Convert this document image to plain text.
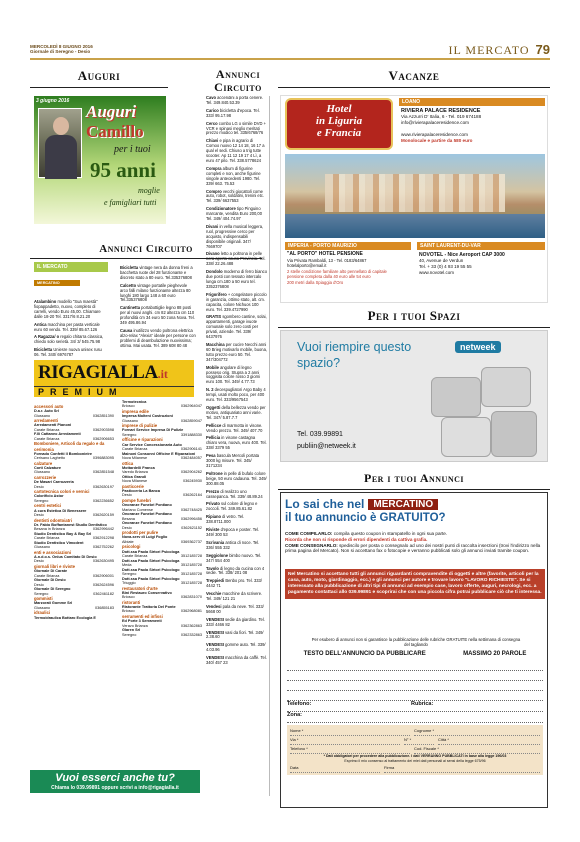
MERCOLEDÌ 8 GIUGNO 2016
Giornale di Seregno - Desio	IL MERCATO 79
Auguri
3 giugno 2016
Auguri
Camillo
per i tuoi
95 anni
moglie
e famigliari tutti
Annunci Circuito
IL MERCATO
MERCATINO
Atalambino modello "Sua maestà" fiopappadetto, nuovo, completo di carrelli, vendo Euro 45,00. Chiamare dalle 18-20 Tel. 3317/6 8.21.20
Antica macchina per pasta verticale euro 60 vendo. Tel. 339/ 85.67.126
A Ragazza/ o regalo chitarra classica, chiedo solo serietà. 34/ 3/ 545.75.98
Bicicletta Uniesre nuova unisex rusu 06. Tel. 340/ 6976787
Bicicletta vintage nera da donna freni a bacchetta ruote del 28 funzionante e discreto stato a 80 euro. Tel.335376808
Calcetto vintage portatile pieghevole arco falli milano funzionante altezza 80 lunghi 180 largo 148 a 60 euro Tel.335376808
Cantinetta portabottiglie legno 88 posti per al nuovi anghi. cm 82 altezza cm 110 profondità cm 34 euro 50 zona Nova. Tel. 349 495.86.94
Causa inutilizzo vendo poltrona elettrica alzo-relax "Alexia" ideale per persone con problemi di deambulazione nuovissima; ottima. Mai usata. Tel. 389 608 80 48
RIGAGIALLA .it
PREMIUM
accessori auto
D.a.r. Auto Srl
Giussano	0362851390
arredamenti
Arredamenti Pianoni
Carate Brianza	0362903598
F.lli Cattaneo Arredamenti
Carate Brianza	0362906653
Bomboniere, Articoli da regalo e da cerimonia
Fornado Confetti Il Bombonieire
Cerisano Laghetto	0396883095
calzature
Corti Calzature
Giussano	0362851548
carrozzerie
De Masari Carrozzeria
Desio	0362630197
cartotecnica colori e vernici
Colorificio Astor
Seregno	0362236652
centri estetici
A cura Estetica Di Benessere
Desio	0362620159
dentisti odontoiatri
Dr. Fabio Boffantanest Studio Dentistico
Besana in Brianza	0362996442
Studio Dentistico Bay & Bay Srl
Carate Brianza	0362912298
Studio Dentistico Vimodent
Giussano	0362752262
enti e associazioni
A.n.d.o.s. Onlus Comitato Di Desio
Desio	0362630495
giornali libri e riviste
Giornale Di Carate
Carate Brianza	0362906001
Giornale Di Desio
Desio	0362624596
Giornale Di Seregno
Seregno	0362461182
gommisti
Marzorati Gomme Srl
Giussano	036855183
idraulici
Termoidraulica Bottaro Ecologia E
Termotecnica
Briosco	0362964047
impresa edile
Impresa Molteni Costruzioni
Giussano	0362859047
imprese di pulizie
Fornari Service Impresa Di Pulizie
Seregno	3391888330
officine e riparazioni
Car Service Concessionaria Auto
Carate Brianza	0362906141
Mainoni Consonni Officine E Riparazioni
Nova Milanese	0362484057
ottica
Mottardelli Franca
Varedo Brianza	0362904262
Ottica Grandi
Nova Milanese	036245930
pasticcerie
Pasticceria La Banca
Desio	036262164
pompe funebri
Onoranze Funebri Pontiano
Mariano Comense	0362748425
Onoranze Funebri Pontiano
Besana	0362996456
Onoranze Funebri Pontiano
Desio	0362621152
prodotti per pulire
Nova-serv di Luigi Foglio
Albiate	0369362737
psicologi
Dott.ssa Paola Sirtori Psicologa
Carate Brianza	3512185728
Dott.ssa Paola Sirtori Psicologa
Meda	3512185728
Dott.ssa Paola Sirtori Psicologo
Seregno	3512185728
Dott.ssa Paola Sirtori Psicologo
Triuggio	3512185728
restauratori d'arte
Bini Restauro Conservativo
Briosco	0362831070
ristoranti
Ristorante Trattoria Del Ponte
Briosco	0362968081
serramenti ed infissi
Ed Porte 3 Serramenti
Veravo Brianza	0362362863
Glaren Srl
Seregno	0362332863
Vuoi esserci anche tu?
Chiama lo 039.99891 oppure scrivi a info@rigagialla.it
Annunci Circuito
Cavo accendini a porta cenere. Tel. 349.840.53.39
Carico bicicletta d'epoca. Tel. 333/ 95.17.98
Cerco combo LG o simile DVD + VCR e spinasi meglio meritati prezzo modico tel. 335/6768/76
Chiavi e pipa in agrario di Comoo nuovo 12 14 18, 16 17 a qual el sedi. Chiuso a trig tutte scooter. Ap 11 12 19 17 4 Lì, a euro 47 pilo. Tel. 338.5778624
Compra album di figurine completi e non, anche figurine singole antecedenti 1980. Tel. 339/ 663. 75.53
Compro vecchi giocattoli come auto, robot, soldatini, trenini etc. Tel. 339/ 6637553
Condizionatore tipo Pinguino marcante, vendita Euro 200,00 Tel. 349/ 404.74.97
Divani in vella musical leggera, ruol, progressive cerco per acquisto, indispensabili disponibile originali. 347/ 7669707
Divano letto a poltrona in pelle nera aperta causa Provincia. Tel. 338/ 22.26.488
Dondolo moderno di ferro bianco due posti con tessuto intercalo lunga cm.180 a 50 euro tel. 3352376808
Frigorifero + congelatore piccolo in garanzia, ottimo stato, alt. cm. capacita, colore Nichuos 100 euro. Tel. 339.4727990
GRATIS sgombero cantine, solai, appartamenti, garage ivuote comunale solo zero costi per privati, aziende. Tel. 339/ 6437976
Macchina per cucire Necchi anni 60 Brieg motivarlo mobile, buona, tutto prezzo euro 50. Tel. 347/304772
Mobile angolare di legno posseso orig. Stupra a 2 anni soggisita colore rosso 3 giorni euro 100. Tel. 349/ 4.77.73
N. 2 decespugliatori Argo Baby 4 tempi, usati molto poco, per 400 euro. Tel. 333/9567543
Oggetti della bellezza vendo per motivo, antiquariato anni varie. Tel. 347/ 5.87.7.7
Pellicce di marmotta in visone. Vendo prezzo. Tel. 349/ 407.70
Pellicia in visone castagna chiaro vera, nuova, euro 400. Tel. 338/ 3379 55
Pesa bascula Mercoli portata 3000 kg misure. Tel. 345/ 3171234
Poltrone in pelle di bufalo colore beige, 50 euro cadauna. Tel. 349/ 300.88.05
Prezzo di realizzo uno cassepanca. Tel. 339/ 48.89.24
Privato sul colore di legno e zoccoli. Tel. 349.85.61.82
Ripiano di vetro. Tel. 338.8711.000
Riviste d'epoca e poster. Tel. 349/ 300 53
Scrivania antica di noce. Tel. 336/ 555 332
Seggiolone bimbo nuovo. Tel. 347/ 554 400
Tavolo di legno da cucina con 4 sedie. Tel. 338/ 201 08
Treppiedi Benbo pro. Tel. 333/ 4442 71
Vecchie macchine da scrivere. Tel. 349/ 121 21
Vendesi pala da neve. Tel. 333/ 5668 00
VENDESI sedie da giardino. Tel. 333/ 4466 82
VENDESI vasi da fiori. Tel. 349/ 2.38.60
VENDESI gomme auto. Tel. 339/ 4.03.96
VENDESI macchina da caffè. Tel. 340/ 457 23
Vacanze
Hotel
in Liguria
e Francia
LOANO
RIVIERA PALACE RESIDENCE
Via Azzurri D' Italia, 6 - Tel. 019 674188
info@rivierapalaceresidence.com
www.rivierapalaceresidence.com
Monolocale e partire da 580 euro
IMPERIA - PORTO MAURIZIO	SAINT LAURENT-DU-VAR
"AL PORTO" HOTEL PENSIONE
Via Privata Rambaldi, 13 - Tel. 0183/64867
hotelalporto@email.it
2 stelle condizione familiare alto pennellato di capitale
pensione completa dalla 40 euro alle 54 euro
200 metri dalla Spiaggia d'Oro
NOVOTEL - Nice Aeroport CAP 3000
40, Avenue de Verdun
Tel. + 33 (0) 4 93 19 55 55
www.novotel.com
Per i tuoi Spazi
Vuoi riempire questo spazio?
netweek
Tel. 039.99891
publiin@netweek.it
Per i tuoi Annunci
Lo sai che nel MERCATINO
il tuo annuncio è GRATUITO?
COME COMPILARLO: compila questo coupon in stampatello in ogni sua parte.
Ricorda che non si risponde di errori dipendenti da cattiva grafia.
COME CONSEGNARLO: spediscilo per posta o consegnalo ad uno dei nostri punti di raccolta inserzioni (trovi l'indirizzo nella prima pagina del Mercato). Non si accettano fax o fotocopie e verranno pubblicati solo gli annunci inviati tramite coupon.
Nel Mercatino si accettano tutti gli annunci riguardanti compravendite di oggetti e altre (favorite, articoli per la casa, auto, moto, giardinaggio, ecc.) e gli annunci per autore e trovare lavoro "LAVORO RICHIESTE". Se si interessato alla pubblicazione di altri tipi di annunci ad esempio case, lavoro offerte, auguri, necrologi, ecc. a pagamento contattaci allo 039.99891 e scoprirai che con una piccola cifra potrai pubblicare ciò che ti interessa.
Per esubero di annunci non si garantisce la pubblicazione delle rubriche GRATUITE nella settimana di consegna del tagliando
TESTO DELL'ANNUNCIO DA PUBBLICARE	MASSIMO 20 PAROLE
Telefono:	Rubrica:
Zona:
Nome *	Cognome *
Via *	N° *	Città *
Telefono *	Cod. Fiscale *
* Dati obbligatori per procedere alla pubblicazione. I dati VERRANNO PUBBLICATI in base alla legge 196/03
Esprimo il mio consenso al trattamento dei miei dati personali ai sensi della legge 675/96
Data	Firma
